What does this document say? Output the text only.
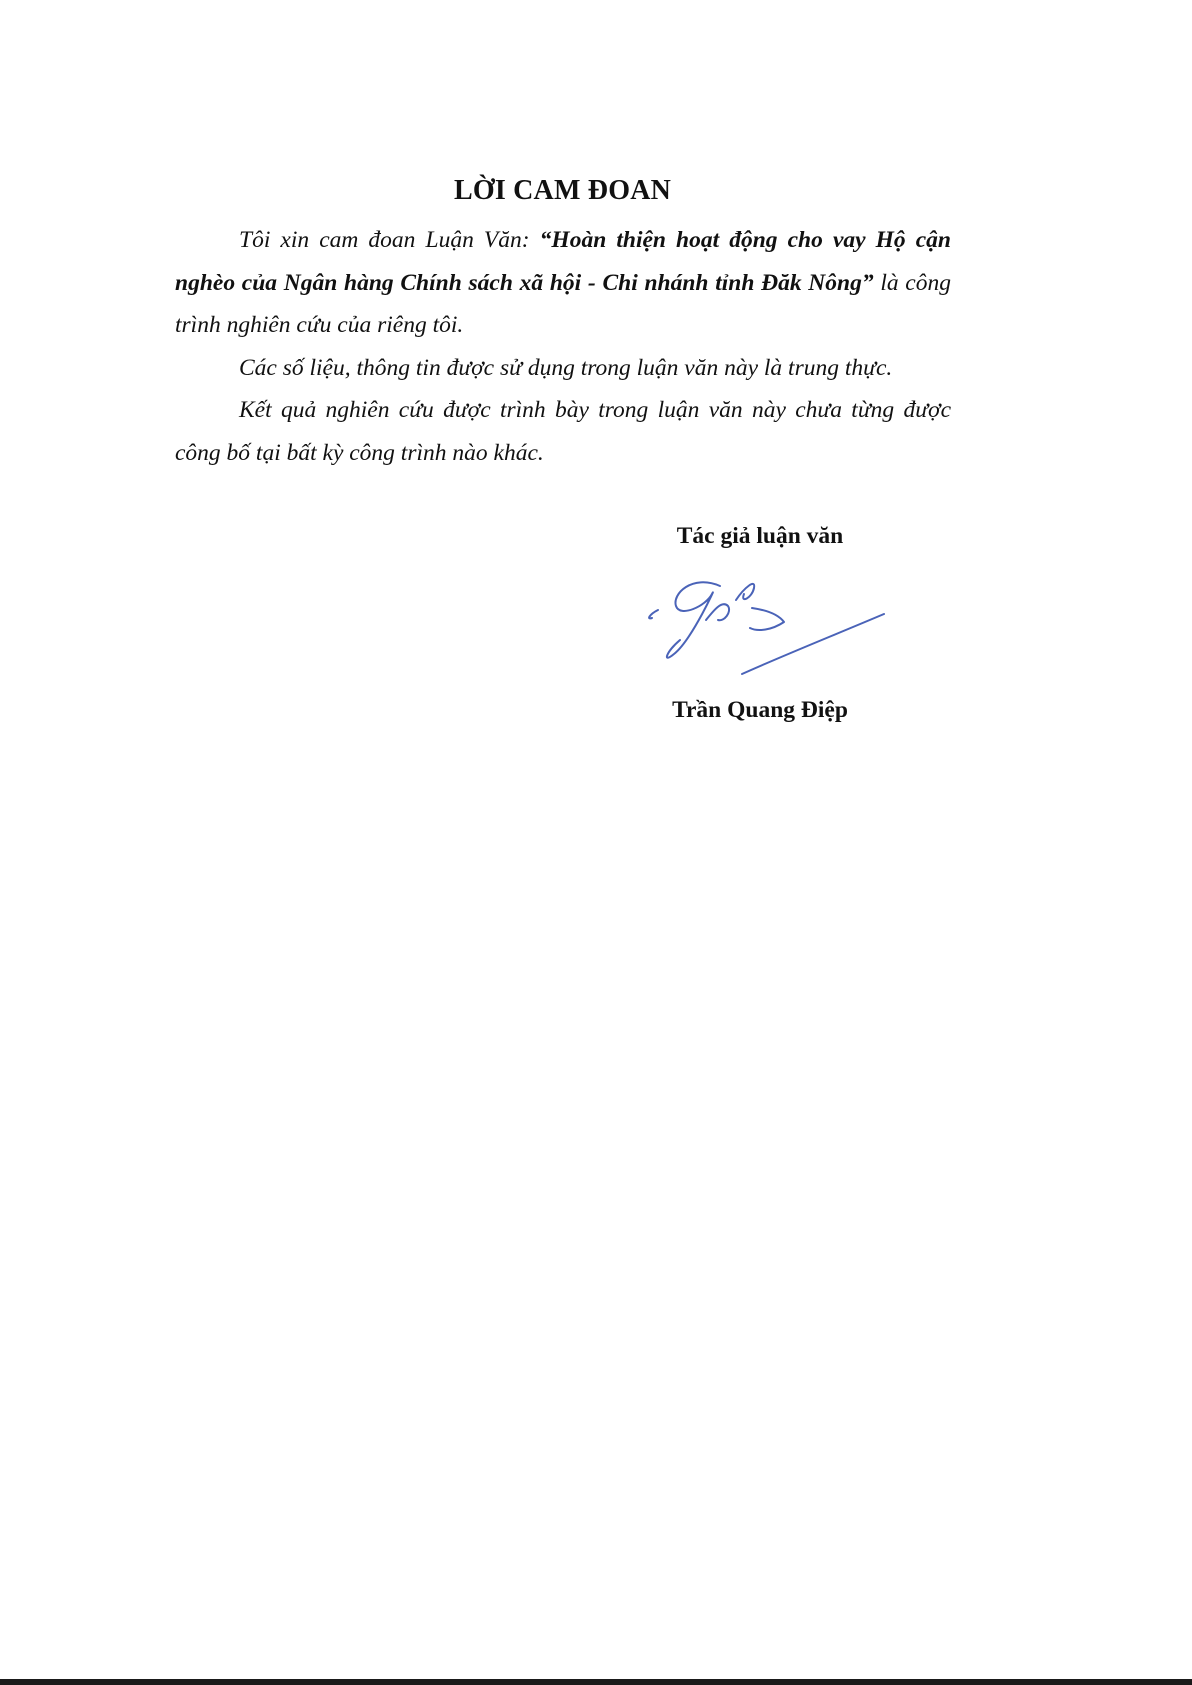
LỜI CAM ĐOAN

Tôi xin cam đoan Luận Văn: “Hoàn thiện hoạt động cho vay Hộ cận nghèo của Ngân hàng Chính sách xã hội - Chi nhánh tỉnh Đăk Nông” là công trình nghiên cứu của riêng tôi.

Các số liệu, thông tin được sử dụng trong luận văn này là trung thực.

Kết quả nghiên cứu được trình bày trong luận văn này chưa từng được công bố tại bất kỳ công trình nào khác.

Tác giả luận văn
Trần Quang Điệp
